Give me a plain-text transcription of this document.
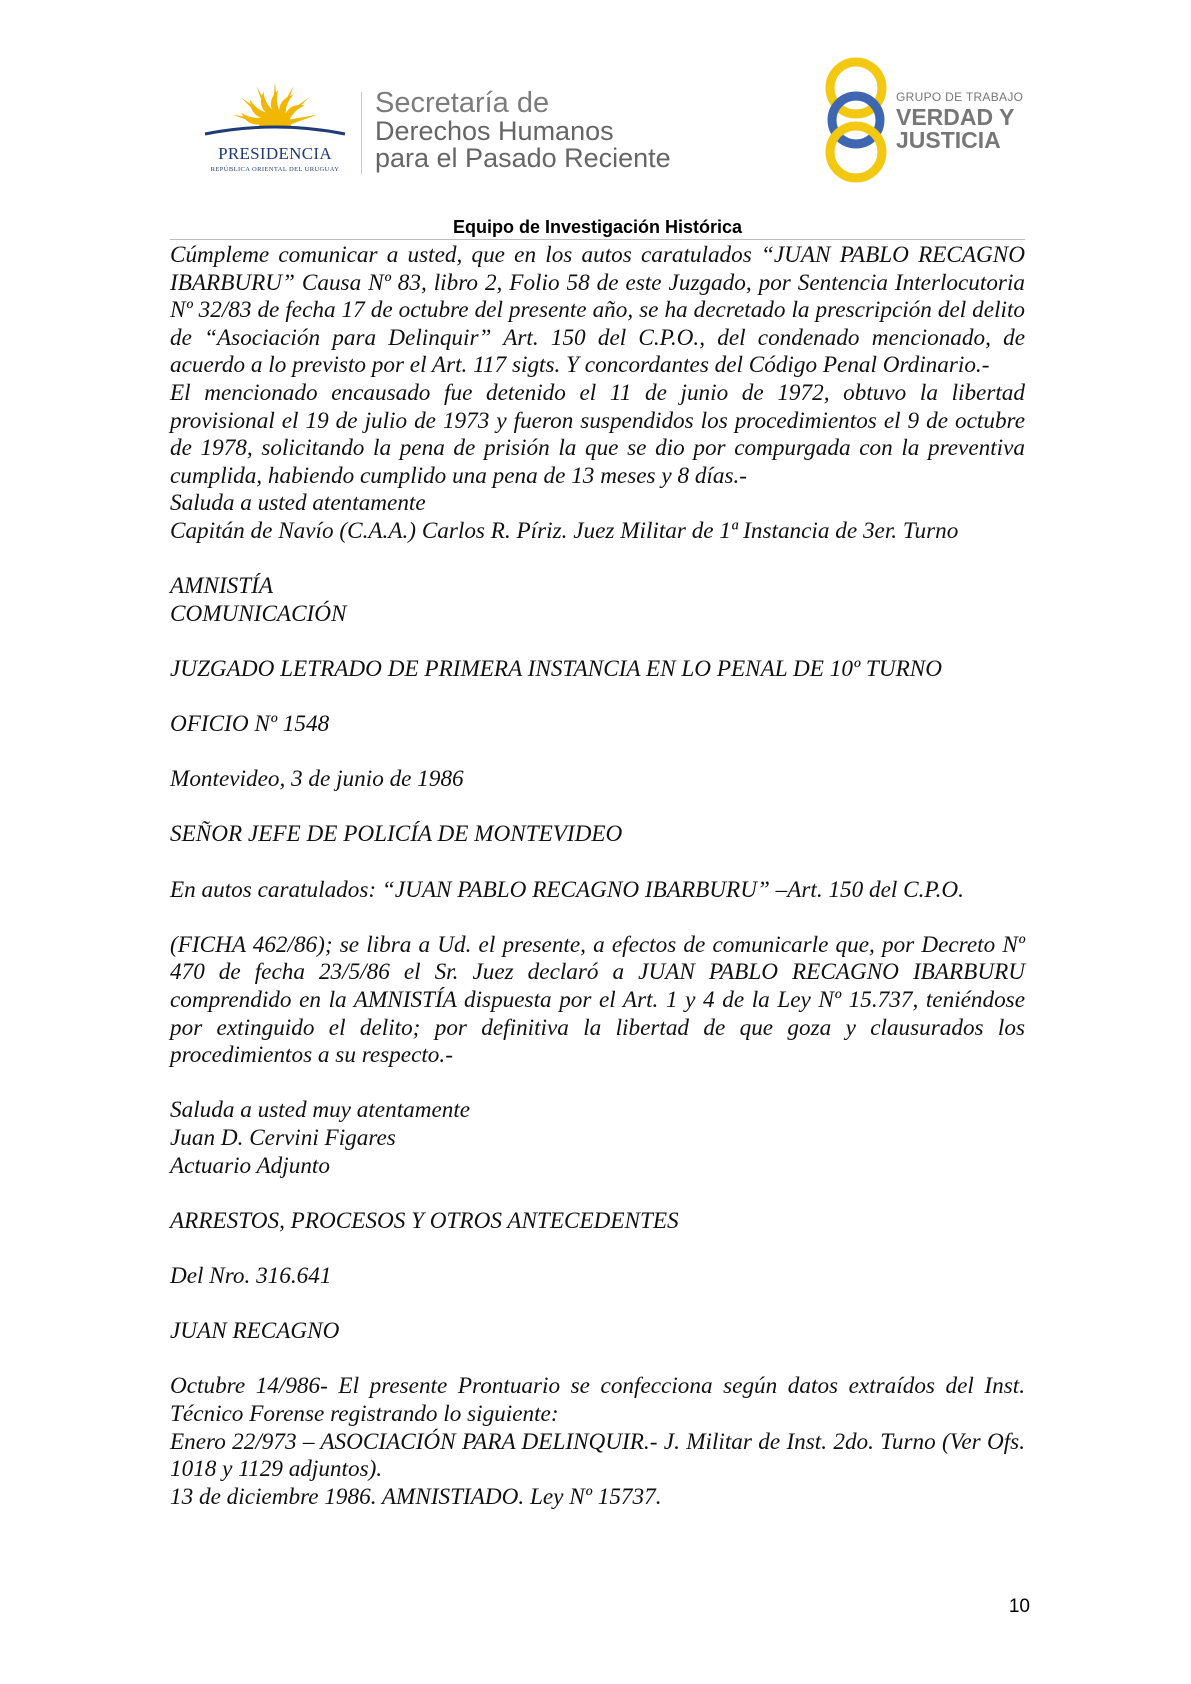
PRESIDENCIA
REPÚBLICA ORIENTAL DEL URUGUAY
Secretaría de
Derechos Humanos
para el Pasado Reciente
GRUPO DE TRABAJO
VERDAD Y
JUSTICIA
Equipo de Investigación Histórica

Cúmpleme comunicar a usted, que en los autos caratulados “JUAN PABLO RECAGNO IBARBURU” Causa Nº 83, libro 2, Folio 58 de este Juzgado, por Sentencia Interlocutoria Nº 32/83 de fecha 17 de octubre del presente año, se ha decretado la prescripción del delito de “Asociación para Delinquir” Art. 150 del C.P.O., del condenado mencionado, de acuerdo a lo previsto por el Art. 117 sigts. Y concordantes del Código Penal Ordinario.-

El mencionado encausado fue detenido el 11 de junio de 1972, obtuvo la libertad provisional el 19 de julio de 1973 y fueron suspendidos los procedimientos el 9 de octubre de 1978, solicitando la pena de prisión la que se dio por compurgada con la preventiva cumplida, habiendo cumplido una pena de 13 meses y 8 días.-

Saluda a usted atentamente

Capitán de Navío (C.A.A.) Carlos R. Píriz. Juez Militar de 1ª Instancia de 3er. Turno

AMNISTÍA

COMUNICACIÓN

JUZGADO LETRADO DE PRIMERA INSTANCIA EN LO PENAL DE 10º TURNO

OFICIO Nº 1548

Montevideo, 3 de junio de 1986

SEÑOR JEFE DE POLICÍA DE MONTEVIDEO

En autos caratulados: “JUAN PABLO RECAGNO IBARBURU” –Art. 150 del C.P.O.

(FICHA 462/86); se libra a Ud. el presente, a efectos de comunicarle que, por Decreto Nº 470 de fecha 23/5/86 el Sr. Juez declaró a JUAN PABLO RECAGNO IBARBURU comprendido en la AMNISTÍA dispuesta por el Art. 1 y 4 de la Ley Nº 15.737, teniéndose por extinguido el delito; por definitiva la libertad de que goza y clausurados los procedimientos a su respecto.-

Saluda a usted muy atentamente

Juan D. Cervini Figares

Actuario Adjunto

ARRESTOS, PROCESOS Y OTROS ANTECEDENTES

Del Nro. 316.641

JUAN RECAGNO

Octubre 14/986- El presente Prontuario se confecciona según datos extraídos del Inst. Técnico Forense registrando lo siguiente:

Enero 22/973 – ASOCIACIÓN PARA DELINQUIR.- J. Militar de Inst. 2do. Turno (Ver Ofs. 1018 y 1129 adjuntos).

13 de diciembre 1986. AMNISTIADO. Ley Nº 15737.

10
